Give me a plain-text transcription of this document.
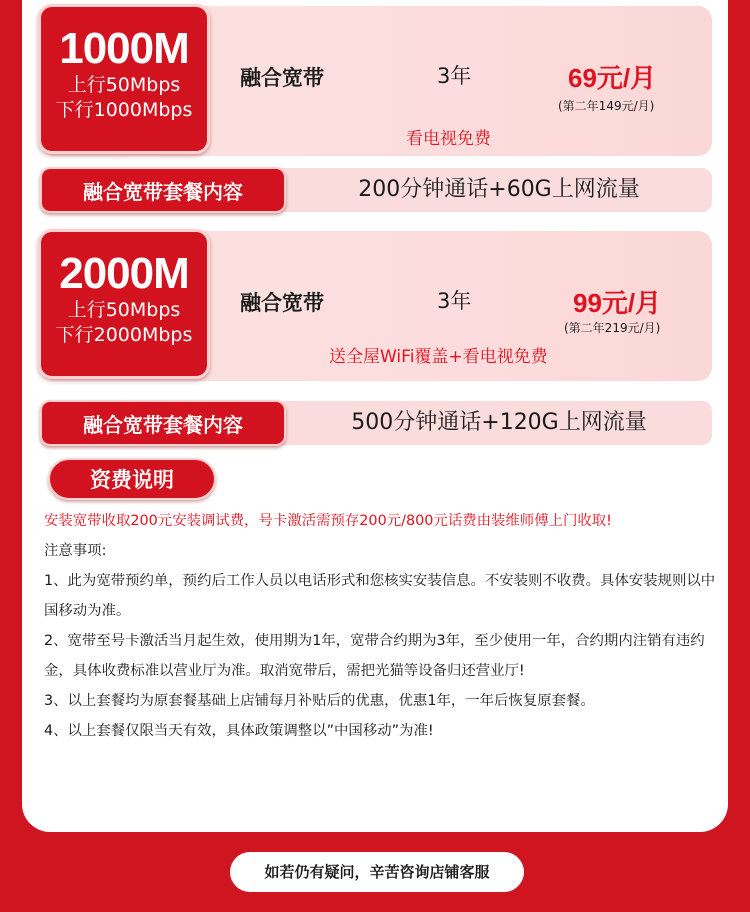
1000M
上行50Mbps
下行1000Mbps
融合宽带	3年	69元/月
(第二年149元/月)
看电视免费
200分钟通话+60G上网流量
融合宽带套餐内容
2000M
上行50Mbps
下行2000Mbps
融合宽带	3年	99元/月
(第二年219元/月)
送全屋WiFi覆盖+看电视免费
500分钟通话+120G上网流量
融合宽带套餐内容
资费说明

安装宽带收取200元安装调试费，号卡激活需预存200元/800元话费由装维师傅上门收取!

注意事项:

1、此为宽带预约单，预约后工作人员以电话形式和您核实安装信息。不安装则不收费。具体安装规则以中国移动为准。

2、宽带至号卡激活当月起生效，使用期为1年，宽带合约期为3年，至少使用一年，合约期内注销有违约金，具体收费标准以营业厅为准。取消宽带后，需把光猫等设备归还营业厅!

3、以上套餐均为原套餐基础上店铺每月补贴后的优惠，优惠1年，一年后恢复原套餐。

4、以上套餐仅限当天有效，具体政策调整以”中国移动”为准!

如若仍有疑问，辛苦咨询店铺客服
